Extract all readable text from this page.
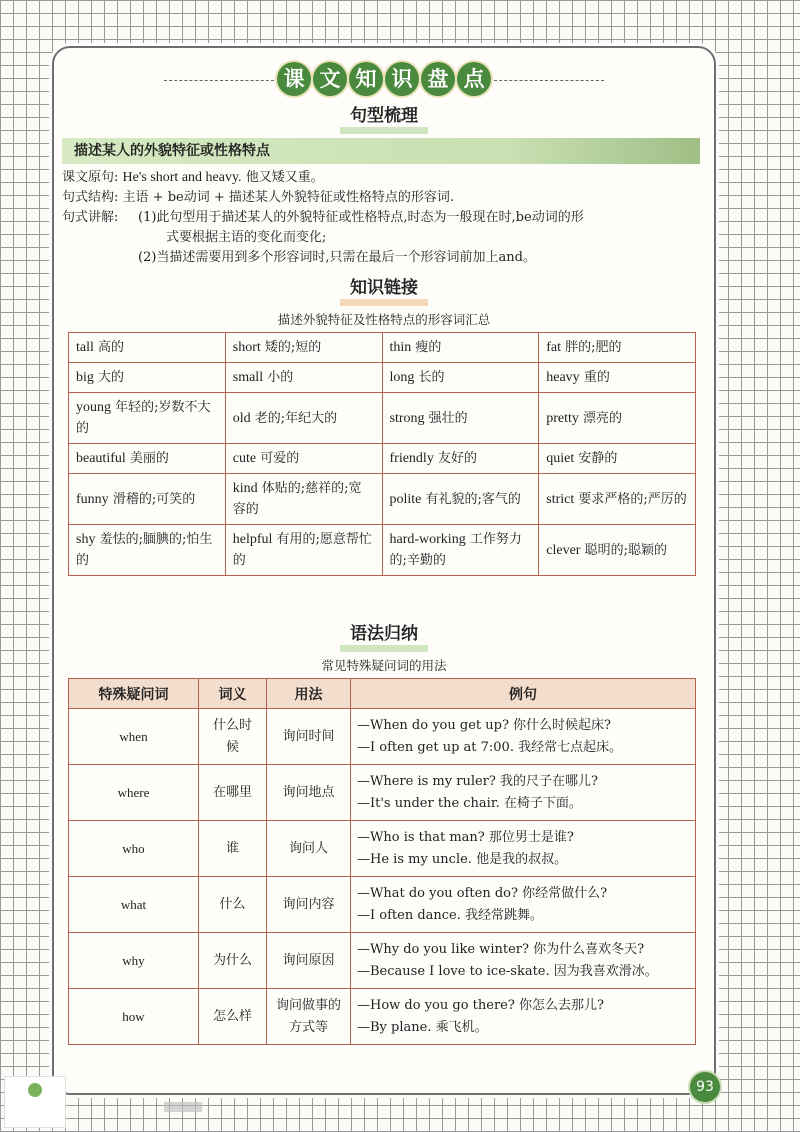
课 文 知 识 盘 点
句型梳理
描述某人的外貌特征或性格特点
课文原句: He's short and heavy. 他又矮又重。
句式结构: 主语 + be动词 + 描述某人外貌特征或性格特点的形容词.
句式讲解: (1)此句型用于描述某人的外貌特征或性格特点,时态为一般现在时,be动词的形
式要根据主语的变化而变化;
(2)当描述需要用到多个形容词时,只需在最后一个形容词前加上and。
知识链接
描述外貌特征及性格特点的形容词汇总
tall 高的	short 矮的;短的	thin 瘦的	fat 胖的;肥的
big 大的	small 小的	long 长的	heavy 重的
young 年轻的;岁数不大的	old 老的;年纪大的	strong 强壮的	pretty 漂亮的
beautiful 美丽的	cute 可爱的	friendly 友好的	quiet 安静的
funny 滑稽的;可笑的	kind 体贴的;慈祥的;宽容的	polite 有礼貌的;客气的	strict 要求严格的;严厉的
shy 羞怯的;腼腆的;怕生的	helpful 有用的;愿意帮忙的	hard-working 工作努力的;辛勤的	clever 聪明的;聪颖的
语法归纳
常见特殊疑问词的用法
特殊疑问词	词义	用法	例句
when	什么时候	询问时间	—When do you get up? 你什么时候起床?
—I often get up at 7:00. 我经常七点起床。

where	在哪里	询问地点	—Where is my ruler? 我的尺子在哪儿?
—It's under the chair. 在椅子下面。

who	谁	询问人	—Who is that man? 那位男士是谁?
—He is my uncle. 他是我的叔叔。

what	什么	询问内容	—What do you often do? 你经常做什么?
—I often dance. 我经常跳舞。

why	为什么	询问原因	—Why do you like winter? 你为什么喜欢冬天?
—Because I love to ice-skate. 因为我喜欢滑冰。

how	怎么样	询问做事的方式等	—How do you go there? 你怎么去那儿?
—By plane. 乘飞机。
93
